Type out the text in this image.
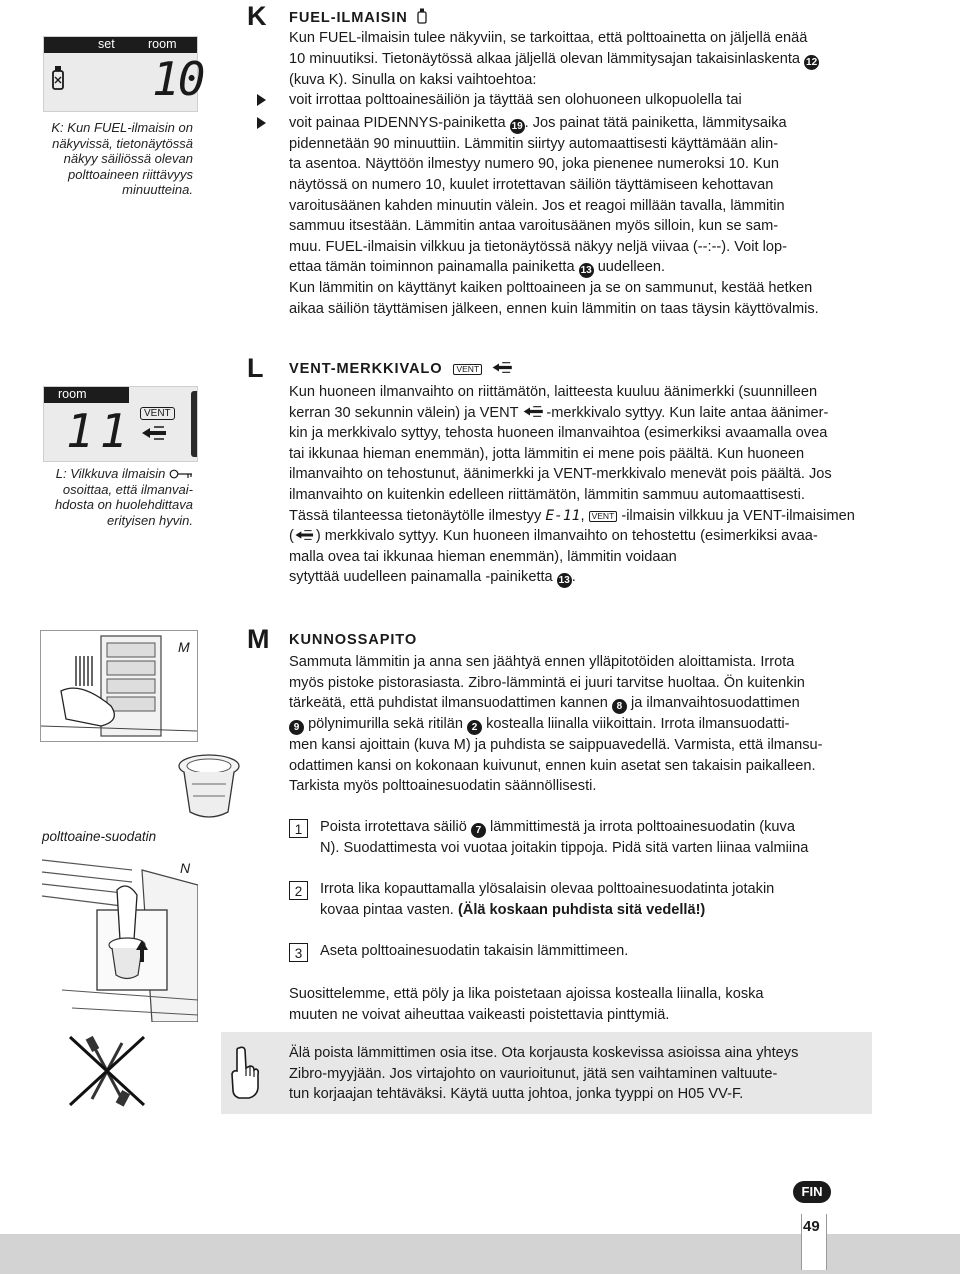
set	room
10
K: Kun FUEL-ilmaisin on
näkyvissä, tietonäytössä
näkyy säiliössä olevan
polttoaineen riittävyys
minuutteina.
K FUEL-ILMAISIN
Kun FUEL-ilmaisin tulee näkyviin, se tarkoittaa, että polttoainetta on jäljellä enää
10 minuutiksi. Tietonäytössä alkaa jäljellä olevan lämmitysajan takaisinlaskenta 12
(kuva K). Sinulla on kaksi vaihtoehtoa:
voit irrottaa polttoainesäiliön ja täyttää sen olohuoneen ulkopuolella tai
voit painaa PIDENNYS-painiketta 19 . Jos painat tätä painiketta, lämmitysaika
pidennetään 90 minuuttiin. Lämmitin siirtyy automaattisesti käyttämään alin-
ta asentoa. Näyttöön ilmestyy numero 90, joka pienenee numeroksi 10. Kun
näytössä on numero 10, kuulet irrotettavan säiliön täyttämiseen kehottavan
varoitusäänen kahden minuutin välein. Jos et reagoi millään tavalla, lämmitin
sammuu itsestään. Lämmitin antaa varoitusäänen myös silloin, kun se sam-
muu. FUEL-ilmaisin vilkkuu ja tietonäytössä näkyy neljä viivaa (--:--). Voit lop-
ettaa tämän toiminnon painamalla painiketta 13 uudelleen.
Kun lämmitin on käyttänyt kaiken polttoaineen ja se on sammunut, kestää hetken
aikaa säiliön täyttämisen jälkeen, ennen kuin lämmitin on taas täysin käyttövalmis.
room
11	VENT
L: Vilkkuva ilmaisin
osoittaa, että ilmanvai-
hdosta on huolehdittava
erityisen hyvin.
L VENT-MERKKIVALO VENT
Kun huoneen ilmanvaihto on riittämätön, laitteesta kuuluu äänimerkki (suunnilleen
kerran 30 sekunnin välein) ja VENT -merkkivalo syttyy. Kun laite antaa äänimer-
kin ja merkkivalo syttyy, tehosta huoneen ilmanvaihtoa (esimerkiksi avaamalla ovea
tai ikkunaa hieman enemmän), jotta lämmitin ei mene pois päältä. Kun huoneen
ilmanvaihto on tehostunut, äänimerkki ja VENT-merkkivalo menevät pois päältä. Jos
ilmanvaihto on kuitenkin edelleen riittämätön, lämmitin sammuu automaattisesti.
Tässä tilanteessa tietonäytölle ilmestyy E-11, VENT -ilmaisin vilkkuu ja VENT-ilmaisimen
( ) merkkivalo syttyy. Kun huoneen ilmanvaihto on tehostettu (esimerkiksi avaa-
malla ovea tai ikkunaa hieman enemmän), lämmitin voidaan
sytyttää uudelleen painamalla -painiketta 13 .
M
polttoaine-suodatin
N
M KUNNOSSAPITO
Sammuta lämmitin ja anna sen jäähtyä ennen ylläpitotöiden aloittamista. Irrota
myös pistoke pistorasiasta. Zibro-lämmintä ei juuri tarvitse huoltaa. Ön kuitenkin
tärkeätä, että puhdistat ilmansuodattimen kannen 8 ja ilmanvaihtosuodattimen
9 pölynimurilla sekä ritilän 2 kostealla liinalla viikoittain. Irrota ilmansuodatti-
men kansi ajoittain (kuva M) ja puhdista se saippuavedellä. Varmista, että ilmansu-
odattimen kansi on kokonaan kuivunut, ennen kuin asetat sen takaisin paikalleen.
Tarkista myös polttoainesuodatin säännöllisesti.
1	Poista irrotettava säiliö 7 lämmittimestä ja irrota polttoainesuodatin (kuva
N). Suodattimesta voi vuotaa joitakin tippoja. Pidä sitä varten liinaa valmiina
2	Irrota lika kopauttamalla ylösalaisin olevaa polttoainesuodatinta jotakin
kovaa pintaa vasten. (Älä koskaan puhdista sitä vedellä!)
3	Aseta polttoainesuodatin takaisin lämmittimeen.
Suosittelemme, että pöly ja lika poistetaan ajoissa kostealla liinalla, koska
muuten ne voivat aiheuttaa vaikeasti poistettavia pinttymiä.
Älä poista lämmittimen osia itse. Ota korjausta koskevissa asioissa aina yhteys
Zibro-myyjään. Jos virtajohto on vaurioitunut, jätä sen vaihtaminen valtuute-
tun korjaajan tehtäväksi. Käytä uutta johtoa, jonka tyyppi on H05 VV-F.
FIN
49
